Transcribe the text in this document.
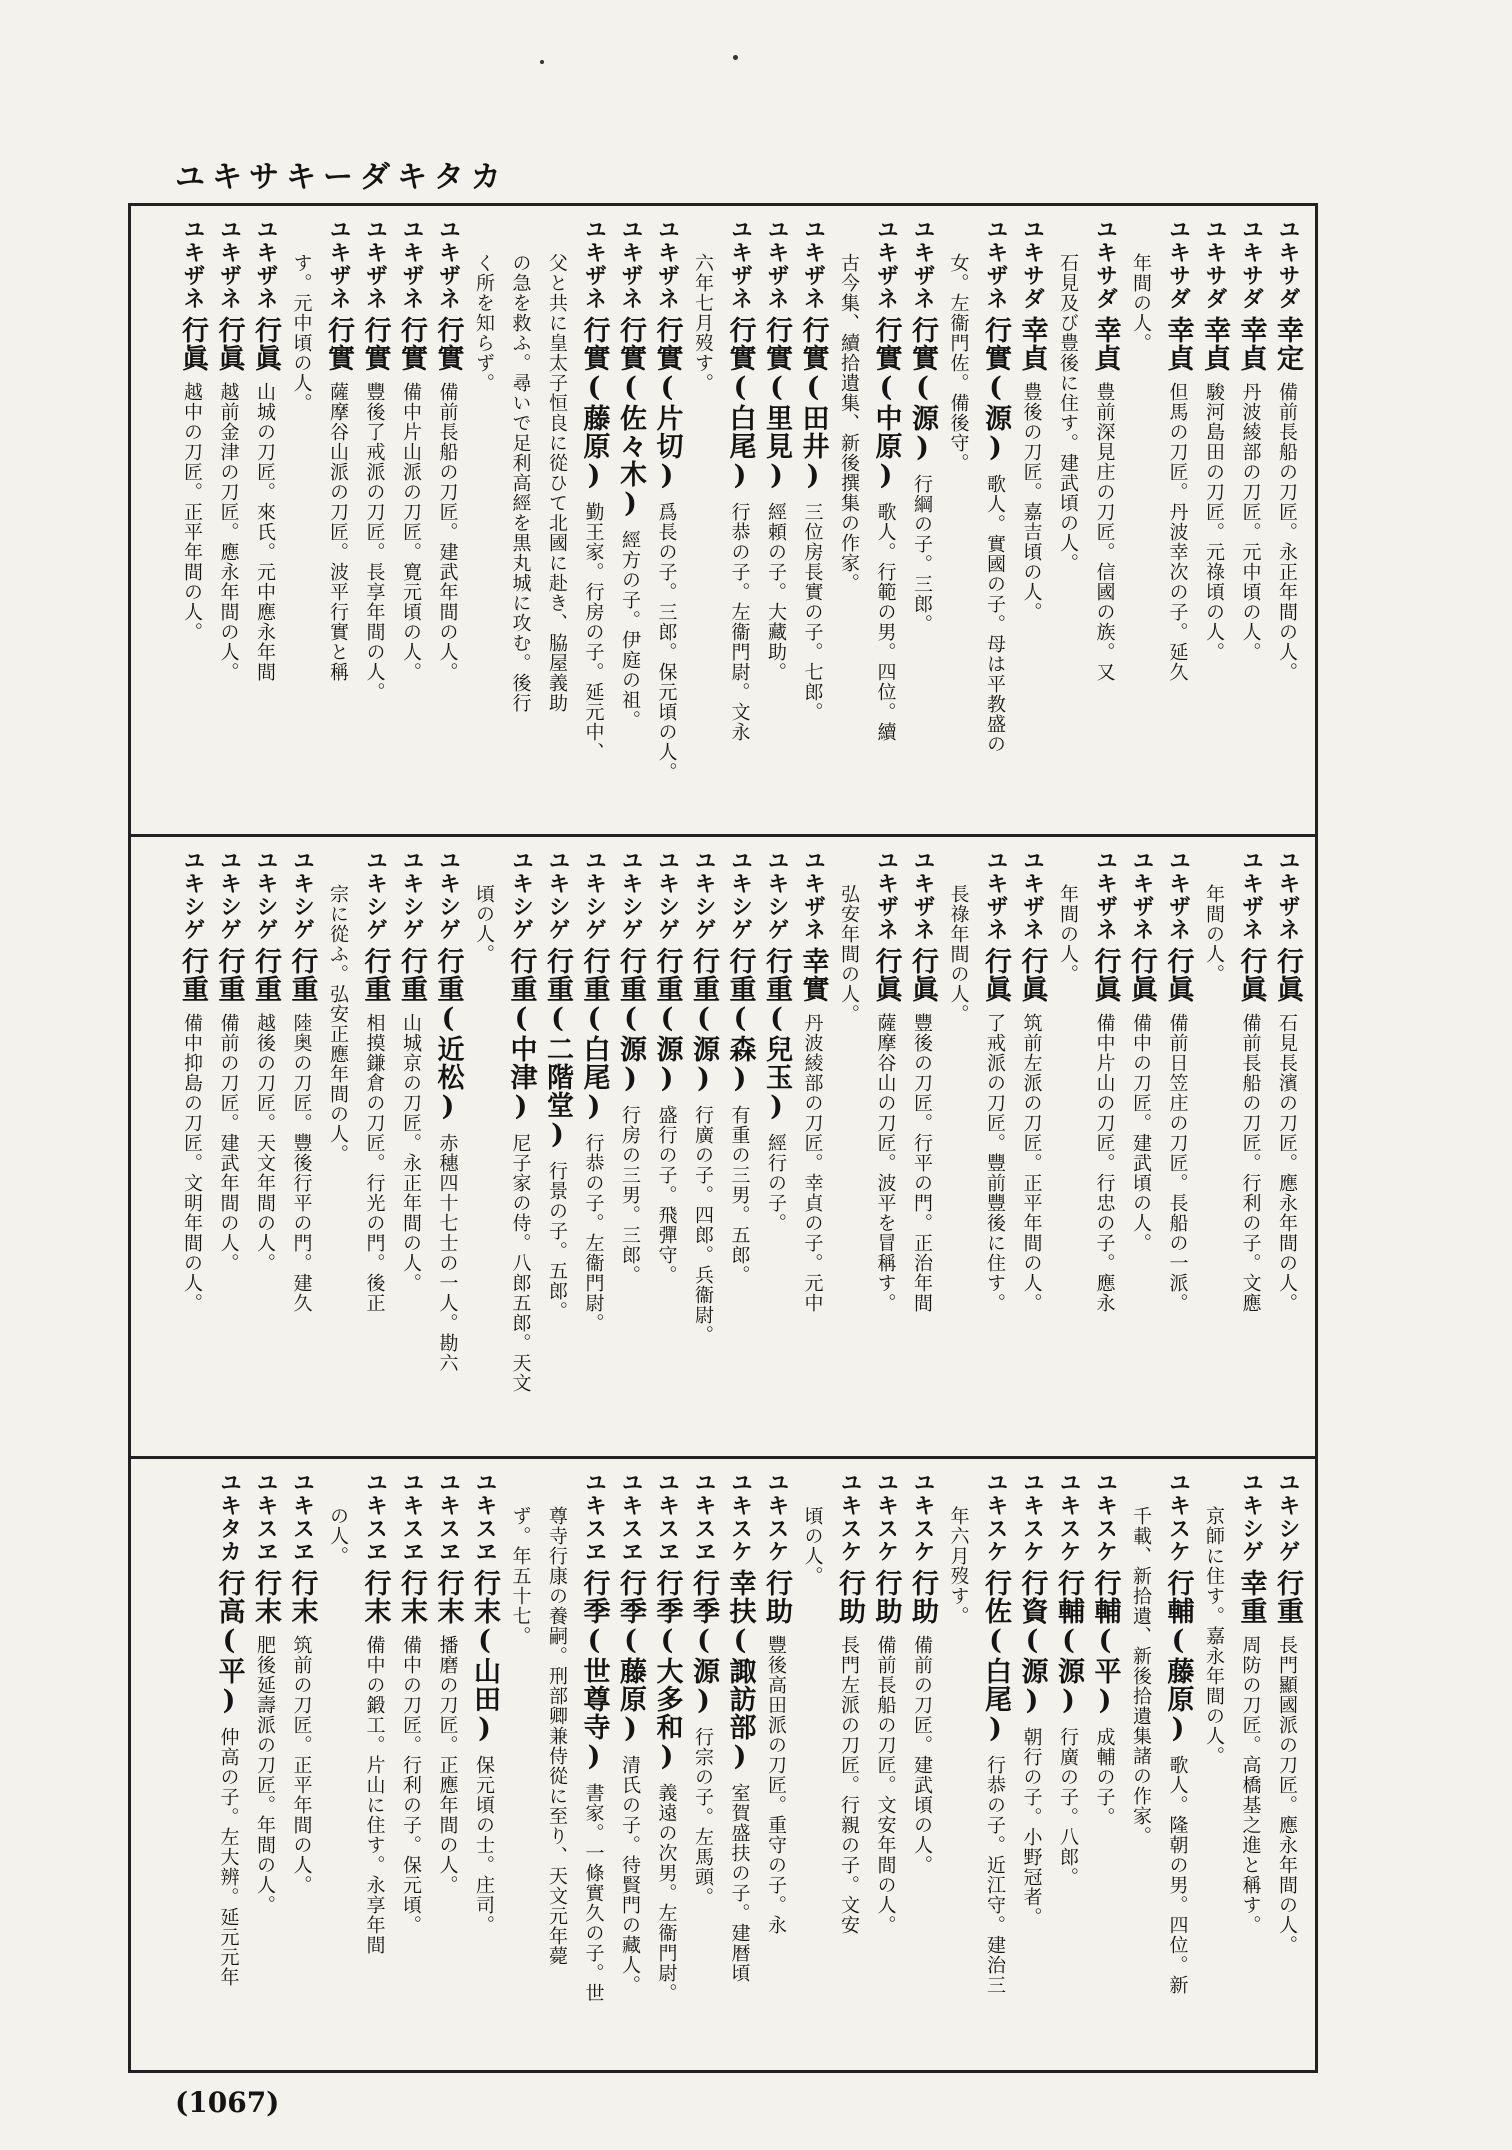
ユキサキーダキタカ

ユキサダ幸定備前長船の刀匠。永正年間の人。

ユキサダ幸貞丹波綾部の刀匠。元中頃の人。

ユキサダ幸貞駿河島田の刀匠。元祿頃の人。

ユキサダ幸貞但馬の刀匠。丹波幸次の子。延久

年間の人。

ユキサダ幸貞豊前深見庄の刀匠。信國の族。又

石見及び豊後に住す。建武頃の人。

ユキサダ幸貞豊後の刀匠。嘉吉頃の人。

ユキザネ行實(源)歌人。實國の子。母は平教盛の

女。左衞門佐。備後守。

ユキザネ行實(源)行綱の子。三郎。

ユキザネ行實(中原)歌人。行範の男。四位。續

古今集、續拾遺集、新後撰集の作家。

ユキザネ行實(田井)三位房長實の子。七郎。

ユキザネ行實(里見)經頼の子。大藏助。

ユキザネ行實(白尾)行恭の子。左衞門尉。文永

六年七月歿す。

ユキザネ行實(片切)爲長の子。三郎。保元頃の人。

ユキザネ行實(佐々木)經方の子。伊庭の祖。

ユキザネ行實(藤原)勤王家。行房の子。延元中、

父と共に皇太子恒良に從ひて北國に赴き、脇屋義助

の急を救ふ。尋いで足利高經を黒丸城に攻む。後行

く所を知らず。

ユキザネ行實備前長船の刀匠。建武年間の人。

ユキザネ行實備中片山派の刀匠。寛元頃の人。

ユキザネ行實豐後了戒派の刀匠。長享年間の人。

ユキザネ行實薩摩谷山派の刀匠。波平行實と稱

す。元中頃の人。

ユキザネ行眞山城の刀匠。來氏。元中應永年間

ユキザネ行眞越前金津の刀匠。應永年間の人。

ユキザネ行眞越中の刀匠。正平年間の人。

ユキザネ行眞石見長濱の刀匠。應永年間の人。

ユキザネ行眞備前長船の刀匠。行利の子。文應

年間の人。

ユキザネ行眞備前日笠庄の刀匠。長船の一派。

ユキザネ行眞備中の刀匠。建武頃の人。

ユキザネ行眞備中片山の刀匠。行忠の子。應永

年間の人。

ユキザネ行眞筑前左派の刀匠。正平年間の人。

ユキザネ行眞了戒派の刀匠。豐前豐後に住す。

長祿年間の人。

ユキザネ行眞豐後の刀匠。行平の門。正治年間

ユキザネ行眞薩摩谷山の刀匠。波平を冒稱す。

弘安年間の人。

ユキザネ幸實丹波綾部の刀匠。幸貞の子。元中

ユキシゲ行重(兒玉)經行の子。

ユキシゲ行重(森)有重の三男。五郎。

ユキシゲ行重(源)行廣の子。四郎。兵衞尉。

ユキシゲ行重(源)盛行の子。飛彈守。

ユキシゲ行重(源)行房の三男。三郎。

ユキシゲ行重(白尾)行恭の子。左衞門尉。

ユキシゲ行重(二階堂)行景の子。五郎。

ユキシゲ行重(中津)尼子家の侍。八郎五郎。天文

頃の人。

ユキシゲ行重(近松)赤穗四十七士の一人。勘六

ユキシゲ行重山城京の刀匠。永正年間の人。

ユキシゲ行重相摸鎌倉の刀匠。行光の門。後正

宗に從ふ。弘安正應年間の人。

ユキシゲ行重陸奥の刀匠。豐後行平の門。建久

ユキシゲ行重越後の刀匠。天文年間の人。

ユキシゲ行重備前の刀匠。建武年間の人。

ユキシゲ行重備中抑島の刀匠。文明年間の人。

ユキシゲ行重長門顯國派の刀匠。應永年間の人。

ユキシゲ幸重周防の刀匠。高橋基之進と稱す。

京師に住す。嘉永年間の人。

ユキスケ行輔(藤原)歌人。隆朝の男。四位。新

千載、新拾遺、新後拾遺集諸の作家。

ユキスケ行輔(平)成輔の子。

ユキスケ行輔(源)行廣の子。八郎。

ユキスケ行資(源)朝行の子。小野冠者。

ユキスケ行佐(白尾)行恭の子。近江守。建治三

年六月歿す。

ユキスケ行助備前の刀匠。建武頃の人。

ユキスケ行助備前長船の刀匠。文安年間の人。

ユキスケ行助長門左派の刀匠。行親の子。文安

頃の人。

ユキスケ行助豐後高田派の刀匠。重守の子。永

ユキスケ幸扶(諏訪部)室賀盛扶の子。建暦頃

ユキスヱ行季(源)行宗の子。左馬頭。

ユキスヱ行季(大多和)義遠の次男。左衞門尉。

ユキスヱ行季(藤原)清氏の子。待賢門の藏人。

ユキスヱ行季(世尊寺)書家。一條實久の子。世

尊寺行康の養嗣。刑部卿兼侍從に至り、天文元年薨

ず。年五十七。

ユキスヱ行末(山田)保元頃の士。庄司。

ユキスヱ行末播磨の刀匠。正應年間の人。

ユキスヱ行末備中の刀匠。行利の子。保元頃。

ユキスヱ行末備中の鍛工。片山に住す。永享年間

の人。

ユキスヱ行末筑前の刀匠。正平年間の人。

ユキスヱ行末肥後延壽派の刀匠。年間の人。

ユキタカ行高(平)仲高の子。左大辨。延元元年

(1067)
